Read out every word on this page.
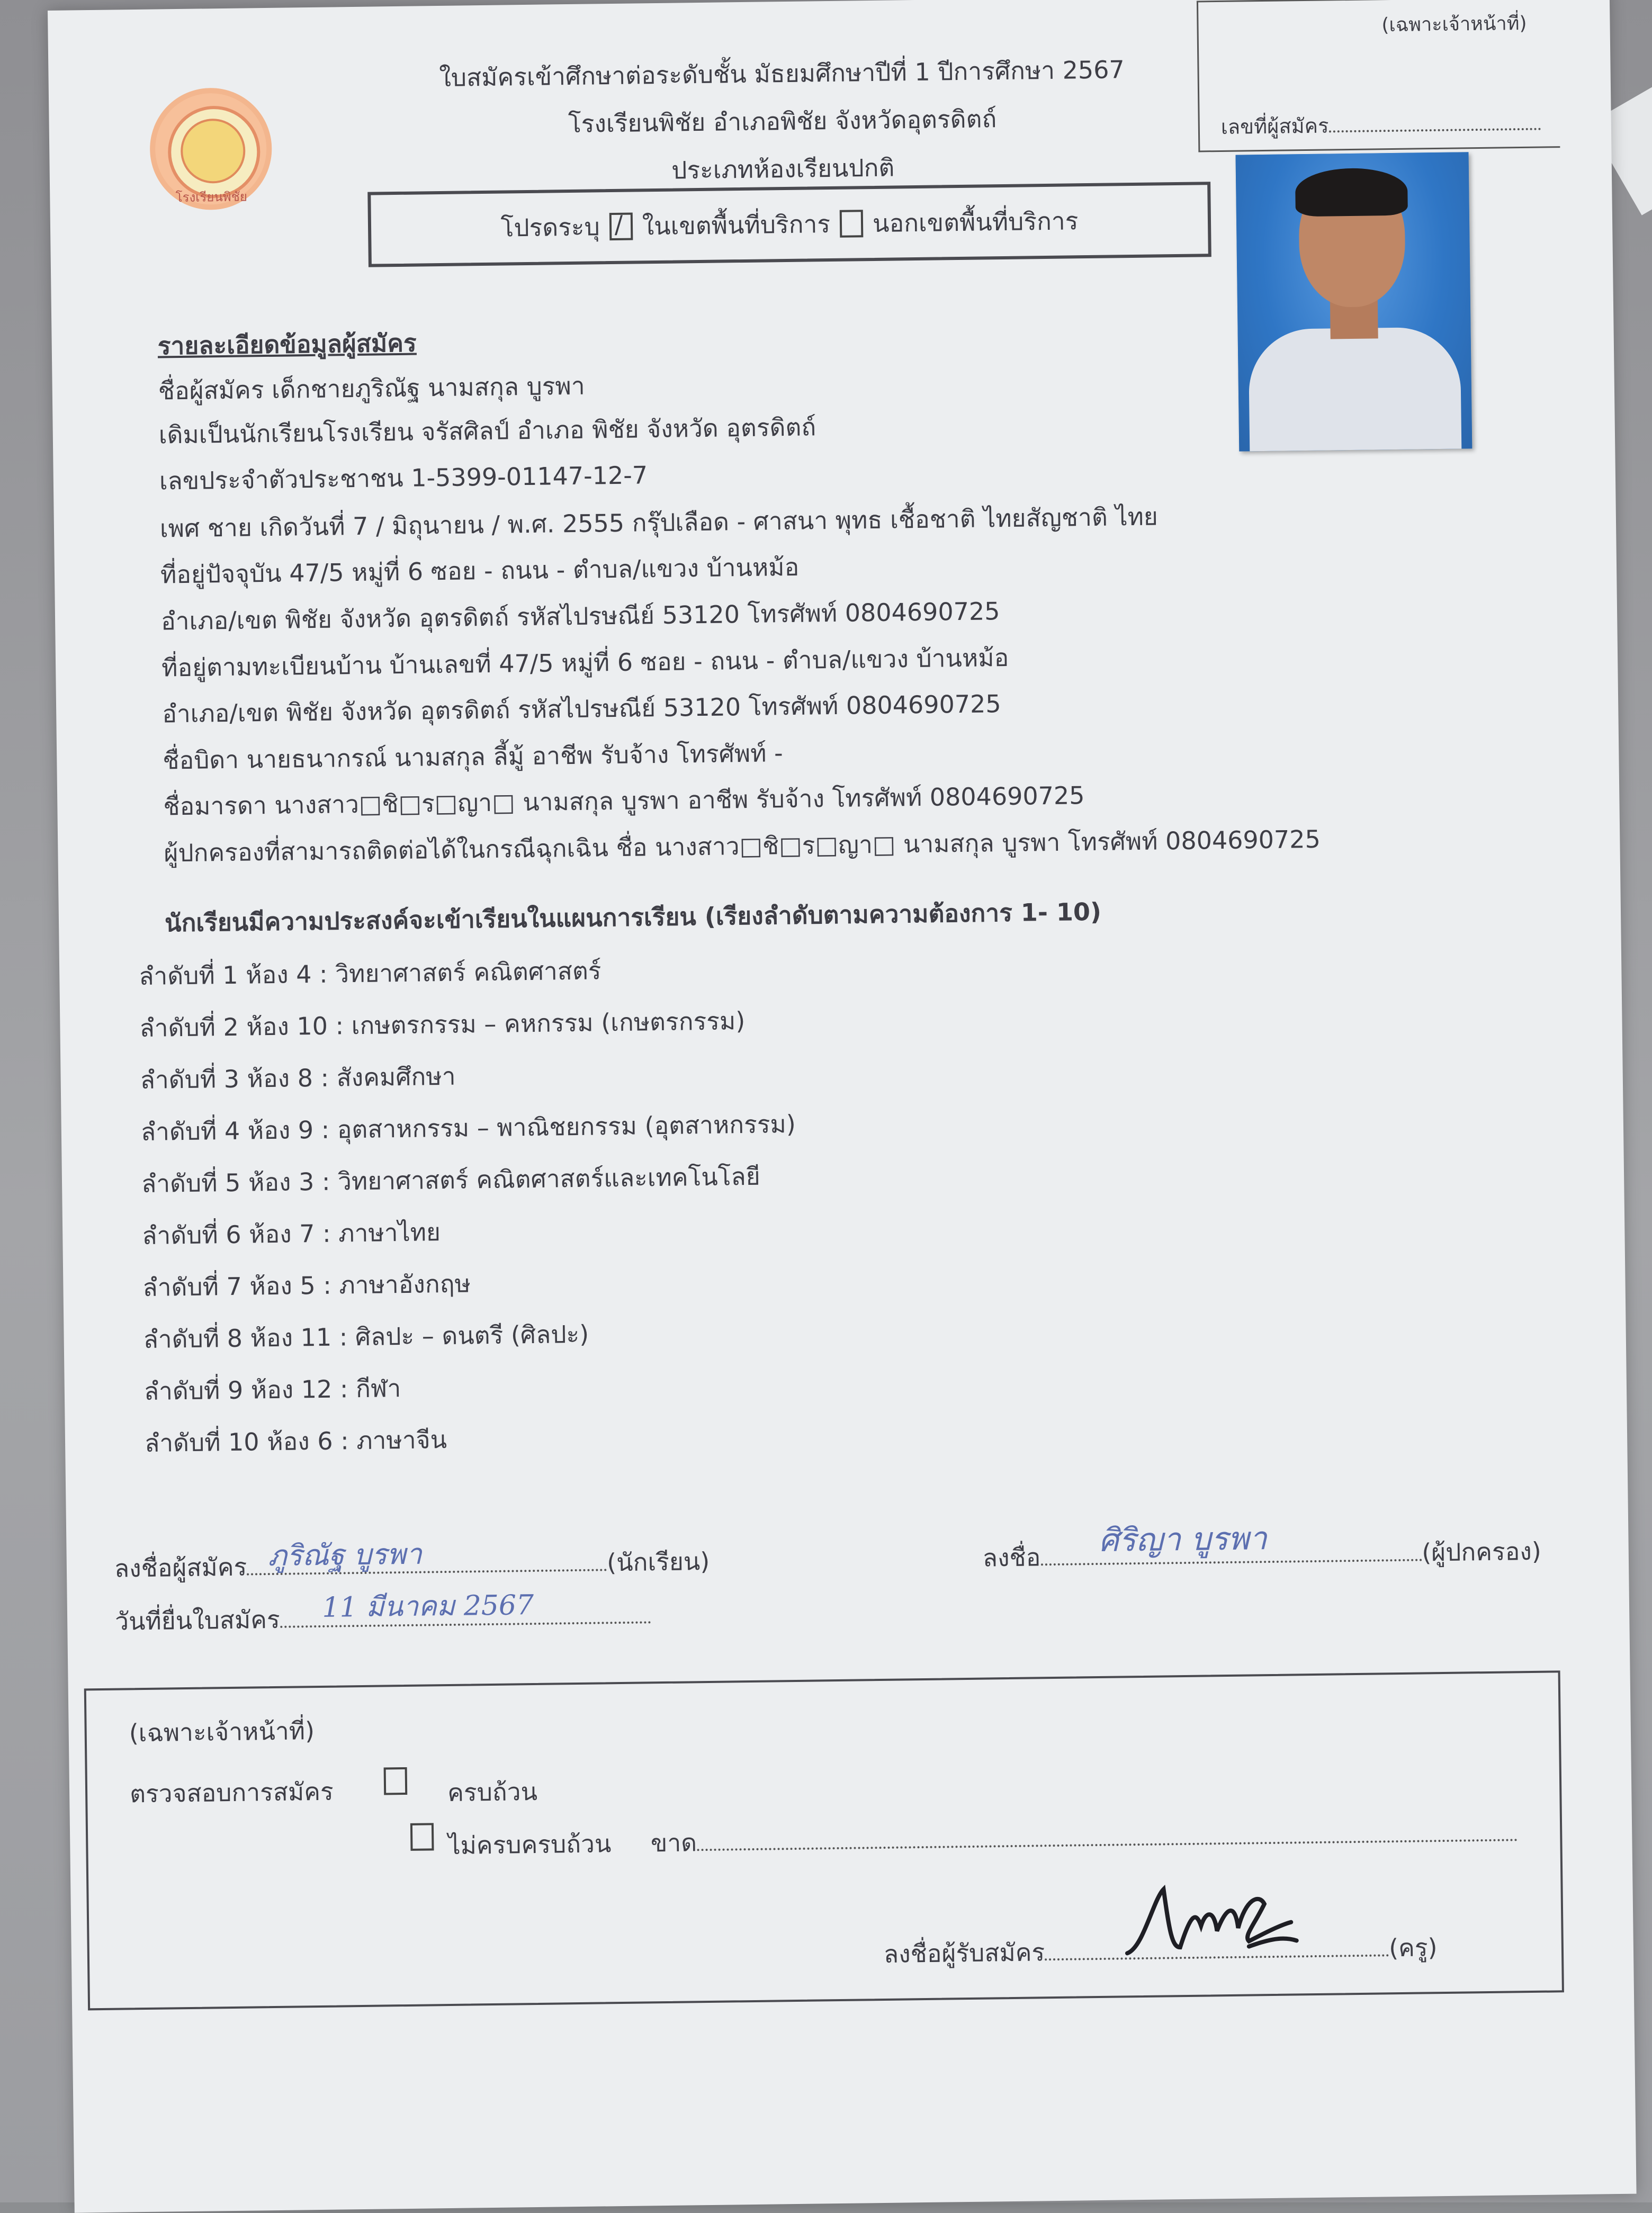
(เฉพาะเจ้าหน้าที่)
เลขที่ผู้สมัคร
โรงเรียนพิชัย
ใบสมัครเข้าศึกษาต่อระดับชั้น มัธยมศึกษาปีที่ 1 ปีการศึกษา 2567
โรงเรียนพิชัย อำเภอพิชัย จังหวัดอุตรดิตถ์
ประเภทห้องเรียนปกติ
โปรดระบุ
/ ในเขตพื้นที่บริการ นอกเขตพื้นที่บริการ
รายละเอียดข้อมูลผู้สมัคร
ชื่อผู้สมัคร เด็กชายภูริณัฐ นามสกุล บูรพา
เดิมเป็นนักเรียนโรงเรียน จรัสศิลป์ อำเภอ พิชัย จังหวัด อุตรดิตถ์
เลขประจำตัวประชาชน 1-5399-01147-12-7
เพศ ชาย เกิดวันที่ 7 / มิถุนายน / พ.ศ. 2555 กรุ๊ปเลือด - ศาสนา พุทธ เชื้อชาติ ไทยสัญชาติ ไทย
ที่อยู่ปัจจุบัน 47/5 หมู่ที่ 6 ซอย - ถนน - ตำบล/แขวง บ้านหม้อ
อำเภอ/เขต พิชัย จังหวัด อุตรดิตถ์ รหัสไปรษณีย์ 53120 โทรศัพท์ 0804690725
ที่อยู่ตามทะเบียนบ้าน บ้านเลขที่ 47/5 หมู่ที่ 6 ซอย - ถนน - ตำบล/แขวง บ้านหม้อ
อำเภอ/เขต พิชัย จังหวัด อุตรดิตถ์ รหัสไปรษณีย์ 53120 โทรศัพท์ 0804690725
ชื่อบิดา นายธนากรณ์ นามสกุล ลี้มู้ อาชีพ รับจ้าง โทรศัพท์ -
ชื่อมารดา นางสาว□ชิ□ร□ญา□ นามสกุล บูรพา อาชีพ รับจ้าง โทรศัพท์ 0804690725
ผู้ปกครองที่สามารถติดต่อได้ในกรณีฉุกเฉิน ชื่อ นางสาว□ชิ□ร□ญา□ นามสกุล บูรพา โทรศัพท์ 0804690725
นักเรียนมีความประสงค์จะเข้าเรียนในแผนการเรียน (เรียงลำดับตามความต้องการ 1- 10)
ลำดับที่ 1 ห้อง 4 : วิทยาศาสตร์ คณิตศาสตร์
ลำดับที่ 2 ห้อง 10 : เกษตรกรรม – คหกรรม (เกษตรกรรม)
ลำดับที่ 3 ห้อง 8 : สังคมศึกษา
ลำดับที่ 4 ห้อง 9 : อุตสาหกรรม – พาณิชยกรรม (อุตสาหกรรม)
ลำดับที่ 5 ห้อง 3 : วิทยาศาสตร์ คณิตศาสตร์และเทคโนโลยี
ลำดับที่ 6 ห้อง 7 : ภาษาไทย
ลำดับที่ 7 ห้อง 5 : ภาษาอังกฤษ
ลำดับที่ 8 ห้อง 11 : ศิลปะ – ดนตรี (ศิลปะ)
ลำดับที่ 9 ห้อง 12 : กีฬา
ลำดับที่ 10 ห้อง 6 : ภาษาจีน
ลงชื่อผู้สมัคร ภูริณัฐ บูรพา	(นักเรียน)	ลงชื่อ ศิริญา บูรพา	(ผู้ปกครอง)
วันที่ยื่นใบสมัคร 11 มีนาคม 2567
(เฉพาะเจ้าหน้าที่)
ตรวจสอบการสมัคร
	ครบถ้วน
ไม่ครบครบถ้วน ขาด
ลงชื่อผู้รับสมัคร	(ครู)
